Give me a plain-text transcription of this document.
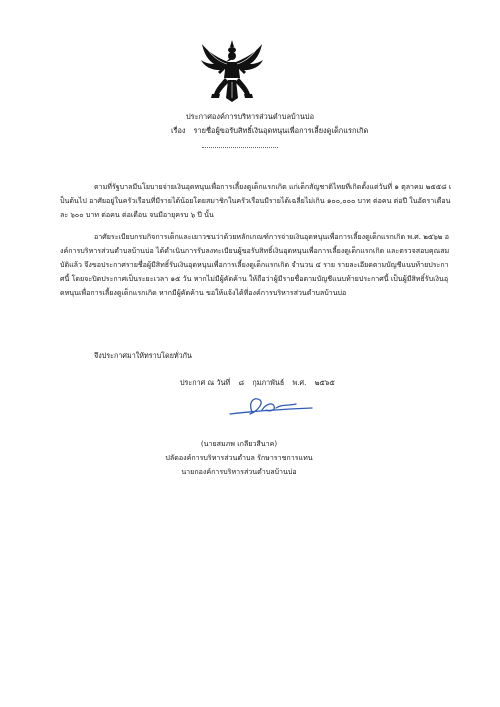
ประกาศองค์การบริหารส่วนตำบลบ้านบ่อ
เรื่อง รายชื่อผู้ขอรับสิทธิ์เงินอุดหนุนเพื่อการเลี้ยงดูเด็กแรกเกิด

ตามที่รัฐบาลมีนโยบายจ่ายเงินอุดหนุนเพื่อการเลี้ยงดูเด็กแรกเกิด แก่เด็กสัญชาติไทยที่เกิดตั้งแต่วันที่ ๑ ตุลาคม ๒๕๕๘ เป็นต้นไป อาศัยอยู่ในครัวเรือนที่มีรายได้น้อยโดยสมาชิกในครัวเรือนมีรายได้เฉลี่ยไม่เกิน ๑๐๐,๐๐๐ บาท ต่อคน ต่อปี ในอัตราเดือนละ ๖๐๐ บาท ต่อคน ต่อเดือน จนมีอายุครบ ๖ ปี นั้น

อาศัยระเบียบกรมกิจการเด็กและเยาวชนว่าด้วยหลักเกณฑ์การจ่ายเงินอุดหนุนเพื่อการเลี้ยงดูเด็กแรกเกิด พ.ศ. ๒๕๖๒ องค์การบริหารส่วนตำบลบ้านบ่อ ได้ดำเนินการรับลงทะเบียนผู้ขอรับสิทธิ์เงินอุดหนุนเพื่อการเลี้ยงดูเด็กแรกเกิด และตรวจสอบคุณสมบัติแล้ว จึงขอประกาศรายชื่อผู้มีสิทธิ์รับเงินอุดหนุนเพื่อการเลี้ยงดูเด็กแรกเกิด จำนวน ๔ ราย รายละเอียดตามบัญชีแนบท้ายประกาศนี้ โดยจะปิดประกาศเป็นระยะเวลา ๑๕ วัน หากไม่มีผู้คัดค้าน ให้ถือว่าผู้มีรายชื่อตามบัญชีแนบท้ายประกาศนี้ เป็นผู้มีสิทธิ์รับเงินอุดหนุนเพื่อการเลี้ยงดูเด็กแรกเกิด หากมีผู้คัดค้าน ขอให้แจ้งได้ที่องค์การบริหารส่วนตำบลบ้านบ่อ

จึงประกาศมาให้ทราบโดยทั่วกัน
ประกาศ ณ วันที่ ๘ กุมภาพันธ์ พ.ศ. ๒๕๖๕
(นายสมภพ เกลียวสีนาค)
ปลัดองค์การบริหารส่วนตำบล รักษาราชการแทน
นายกองค์การบริหารส่วนตำบลบ้านบ่อ
